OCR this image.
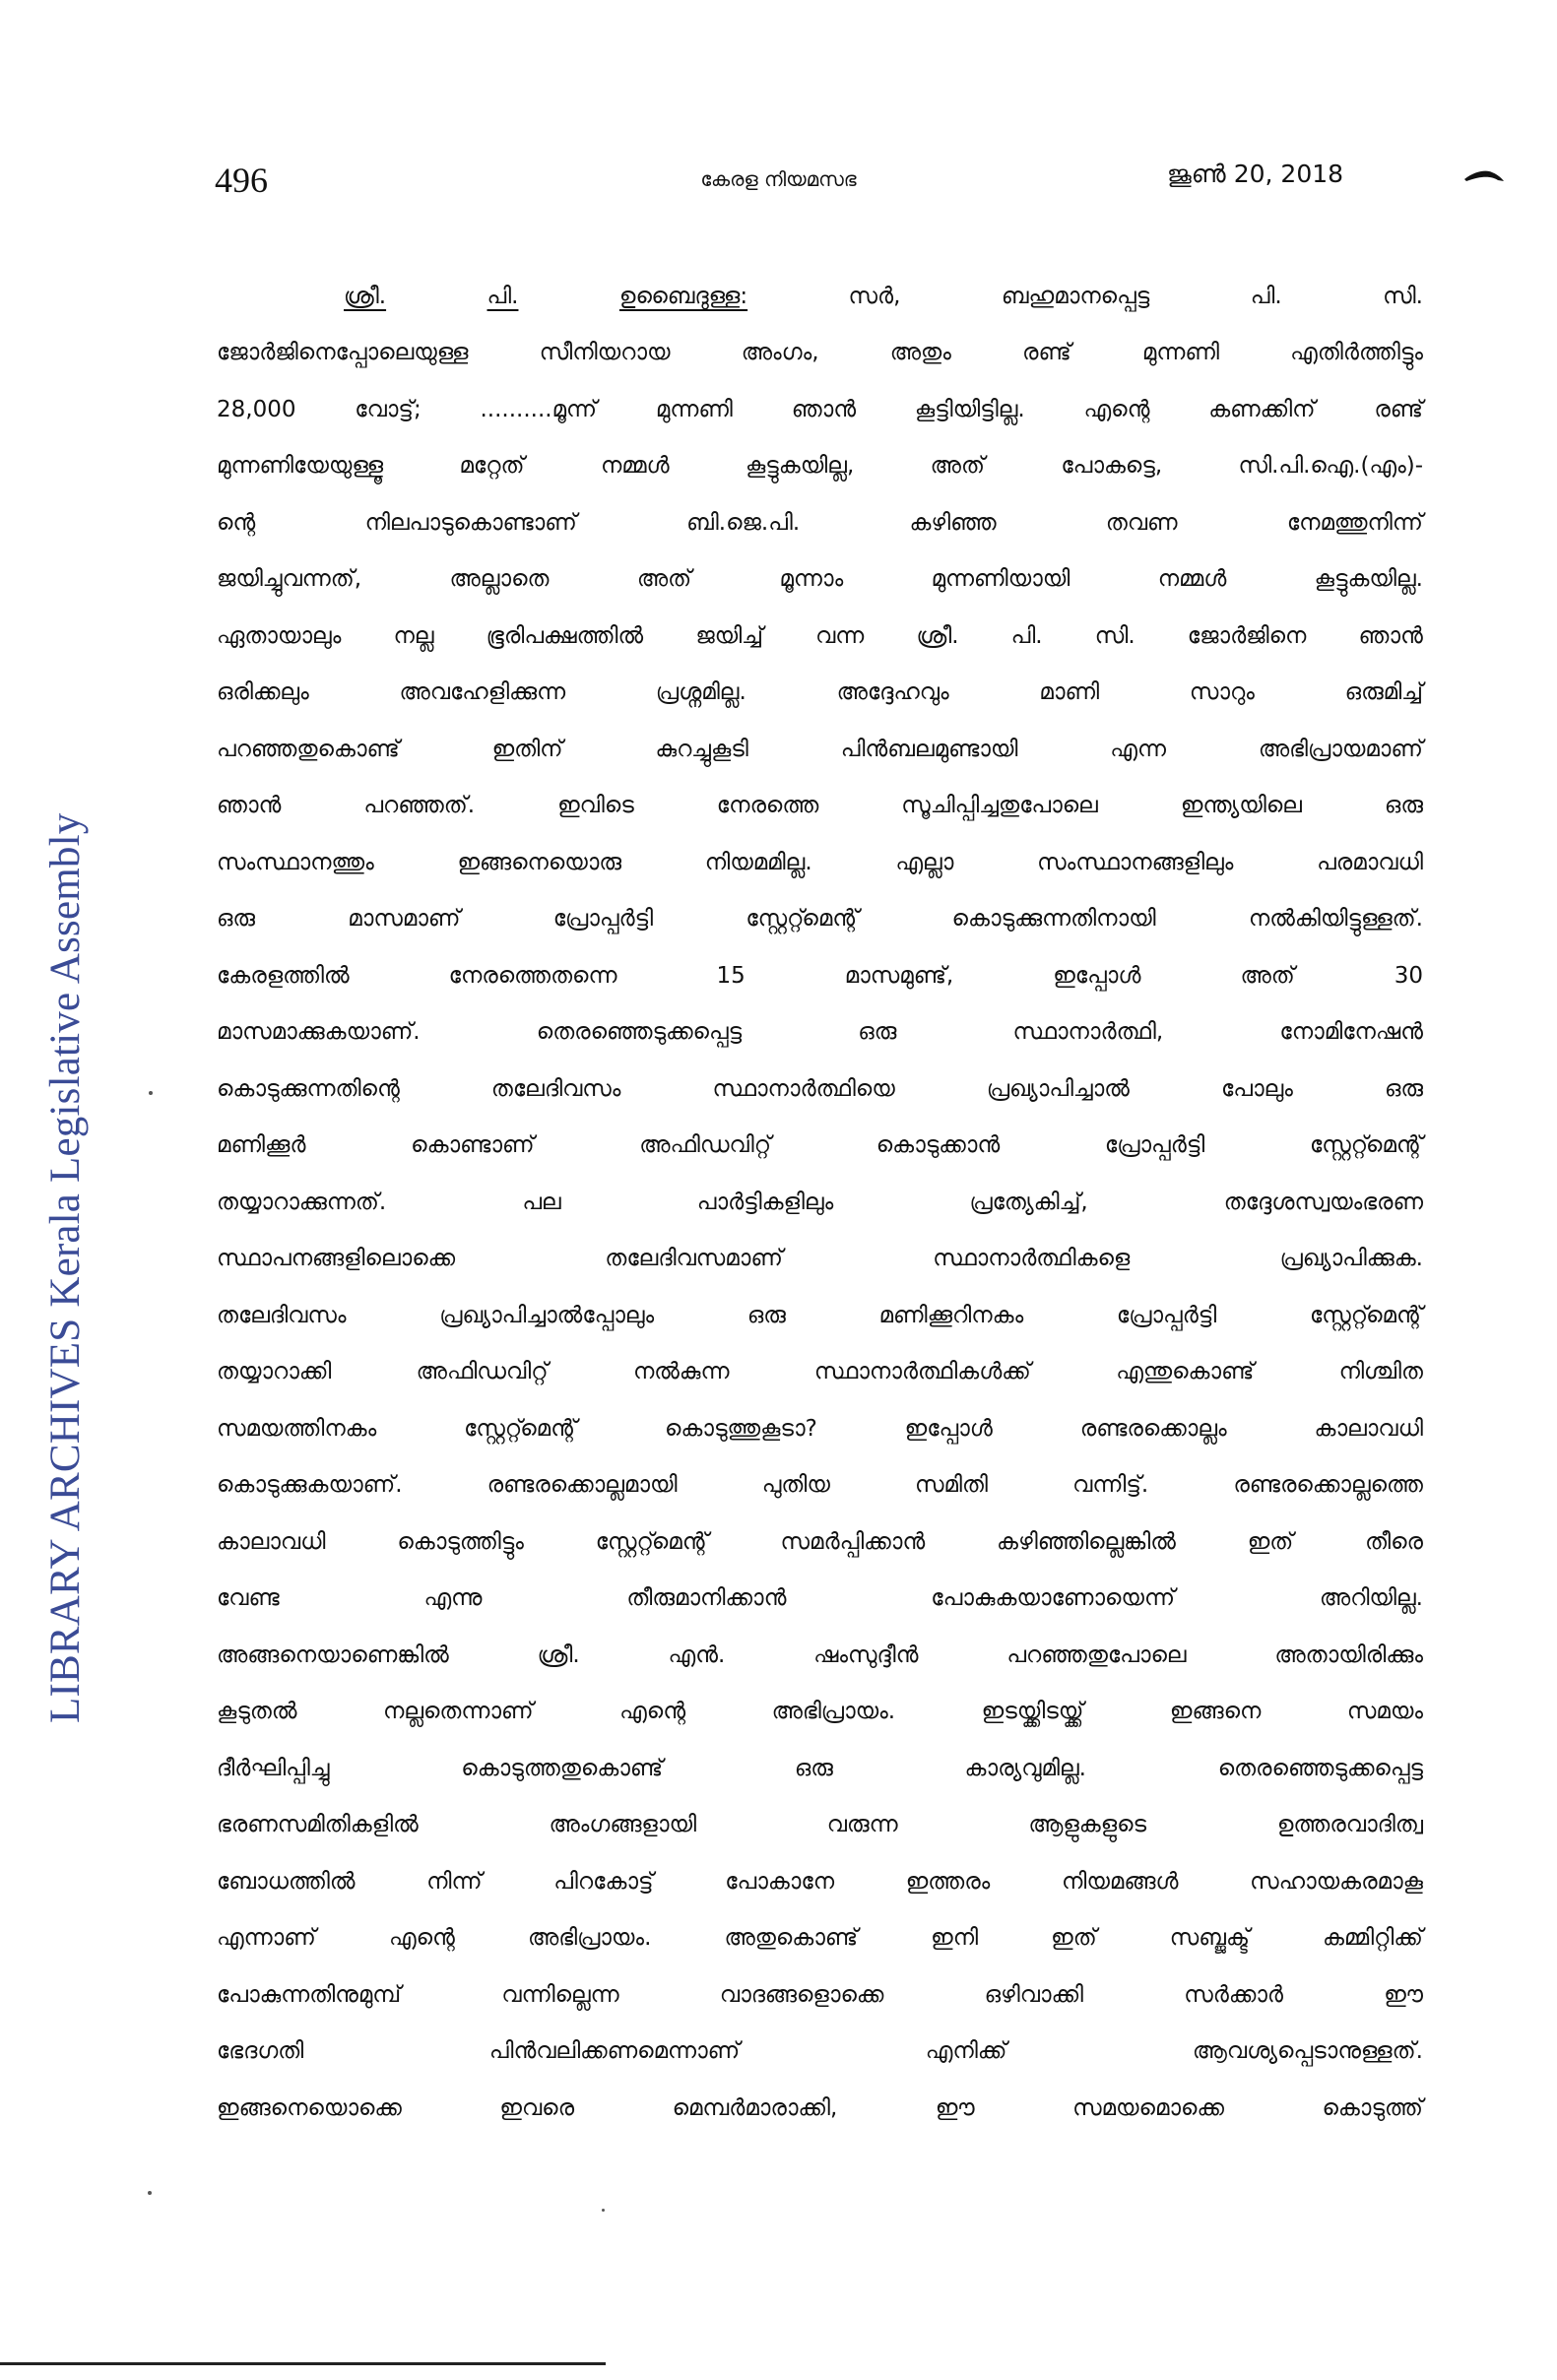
496	കേരള നിയമസഭ	ജൂൺ 20, 2018
LIBRARY ARCHIVES Kerala Legislative Assembly
ശ്രീ.	പി.	ഉബൈദുള്ള:	സർ,	ബഹുമാനപ്പെട്ട	പി.	സി.
ജോർജിനെപ്പോലെയുള്ള	സീനിയറായ	അംഗം,	അതും	രണ്ട്	മുന്നണി	എതിർത്തിട്ടും
28,000	വോട്ട്;	..........മൂന്ന്	മുന്നണി	ഞാൻ	കൂട്ടിയിട്ടില്ല.	എന്റെ	കണക്കിന്	രണ്ട്
മുന്നണിയേയുള്ളൂ	മറ്റേത്	നമ്മൾ	കൂട്ടുകയില്ല,	അത്	പോകട്ടെ,	സി.പി.ഐ.(എം)-
ന്റെ	നിലപാടുകൊണ്ടാണ്	ബി.ജെ.പി.	കഴിഞ്ഞ	തവണ	നേമത്തുനിന്ന്
ജയിച്ചുവന്നത്,	അല്ലാതെ	അത്	മൂന്നാം	മുന്നണിയായി	നമ്മൾ	കൂട്ടുകയില്ല.
ഏതായാലും നല്ല ഭൂരിപക്ഷത്തിൽ ജയിച്ച് വന്ന ശ്രീ. പി. സി. ജോർജിനെ ഞാൻ
ഒരിക്കലും	അവഹേളിക്കുന്ന	പ്രശ്നമില്ല.	അദ്ദേഹവും	മാണി	സാറും	ഒരുമിച്ച്
പറഞ്ഞതുകൊണ്ട്	ഇതിന്	കുറച്ചുകൂടി	പിൻബലമുണ്ടായി	എന്ന	അഭിപ്രായമാണ്
ഞാൻ	പറഞ്ഞത്.	ഇവിടെ	നേരത്തെ	സൂചിപ്പിച്ചതുപോലെ	ഇന്ത്യയിലെ	ഒരു
സംസ്ഥാനത്തും	ഇങ്ങനെയൊരു	നിയമമില്ല.	എല്ലാ	സംസ്ഥാനങ്ങളിലും	പരമാവധി
ഒരു	മാസമാണ്	പ്രോപ്പർട്ടി	സ്റ്റേറ്റ്മെന്റ്	കൊടുക്കുന്നതിനായി	നൽകിയിട്ടുള്ളത്.
കേരളത്തിൽ	നേരത്തെതന്നെ	15	മാസമുണ്ട്,	ഇപ്പോൾ	അത്	30
മാസമാക്കുകയാണ്.	തെരഞ്ഞെടുക്കപ്പെട്ട	ഒരു	സ്ഥാനാർത്ഥി,	നോമിനേഷൻ
കൊടുക്കുന്നതിന്റെ	തലേദിവസം	സ്ഥാനാർത്ഥിയെ	പ്രഖ്യാപിച്ചാൽ	പോലും	ഒരു
മണിക്കൂർ	കൊണ്ടാണ്	അഫിഡവിറ്റ്	കൊടുക്കാൻ	പ്രോപ്പർട്ടി	സ്റ്റേറ്റ്മെന്റ്
തയ്യാറാക്കുന്നത്.	പല	പാർട്ടികളിലും	പ്രത്യേകിച്ച്,	തദ്ദേശസ്വയംഭരണ
സ്ഥാപനങ്ങളിലൊക്കെ	തലേദിവസമാണ്	സ്ഥാനാർത്ഥികളെ	പ്രഖ്യാപിക്കുക.
തലേദിവസം	പ്രഖ്യാപിച്ചാൽപ്പോലും	ഒരു	മണിക്കൂറിനകം	പ്രോപ്പർട്ടി	സ്റ്റേറ്റ്മെന്റ്
തയ്യാറാക്കി	അഫിഡവിറ്റ്	നൽകുന്ന	സ്ഥാനാർത്ഥികൾക്ക്	എന്തുകൊണ്ട്	നിശ്ചിത
സമയത്തിനകം	സ്റ്റേറ്റ്മെന്റ്	കൊടുത്തുകൂടാ?	ഇപ്പോൾ	രണ്ടരക്കൊല്ലം	കാലാവധി
കൊടുക്കുകയാണ്.	രണ്ടരക്കൊല്ലമായി	പുതിയ	സമിതി	വന്നിട്ട്.	രണ്ടരക്കൊല്ലത്തെ
കാലാവധി	കൊടുത്തിട്ടും	സ്റ്റേറ്റ്മെന്റ്	സമർപ്പിക്കാൻ	കഴിഞ്ഞില്ലെങ്കിൽ	ഇത്	തീരെ
വേണ്ട	എന്നു	തീരുമാനിക്കാൻ	പോകുകയാണോയെന്ന്	അറിയില്ല.
അങ്ങനെയാണെങ്കിൽ	ശ്രീ.	എൻ.	ഷംസുദ്ദീൻ	പറഞ്ഞതുപോലെ	അതായിരിക്കും
കൂടുതൽ	നല്ലതെന്നാണ്	എന്റെ	അഭിപ്രായം.	ഇടയ്ക്കിടയ്ക്ക്	ഇങ്ങനെ	സമയം
ദീർഘിപ്പിച്ചു	കൊടുത്തതുകൊണ്ട്	ഒരു	കാര്യവുമില്ല.	തെരഞ്ഞെടുക്കപ്പെട്ട
ഭരണസമിതികളിൽ	അംഗങ്ങളായി	വരുന്ന	ആളുകളുടെ	ഉത്തരവാദിത്വ
ബോധത്തിൽ	നിന്ന്	പിറകോട്ട്	പോകാനേ	ഇത്തരം	നിയമങ്ങൾ	സഹായകരമാകൂ
എന്നാണ്	എന്റെ	അഭിപ്രായം.	അതുകൊണ്ട്	ഇനി	ഇത്	സബ്ജക്ട്	കമ്മിറ്റിക്ക്
പോകുന്നതിനുമുമ്പ്	വന്നില്ലെന്ന	വാദങ്ങളൊക്കെ	ഒഴിവാക്കി	സർക്കാർ	ഈ
ഭേദഗതി	പിൻവലിക്കണമെന്നാണ്	എനിക്ക്	ആവശ്യപ്പെടാനുള്ളത്.
ഇങ്ങനെയൊക്കെ	ഇവരെ	മെമ്പർമാരാക്കി,	ഈ	സമയമൊക്കെ	കൊടുത്ത്
